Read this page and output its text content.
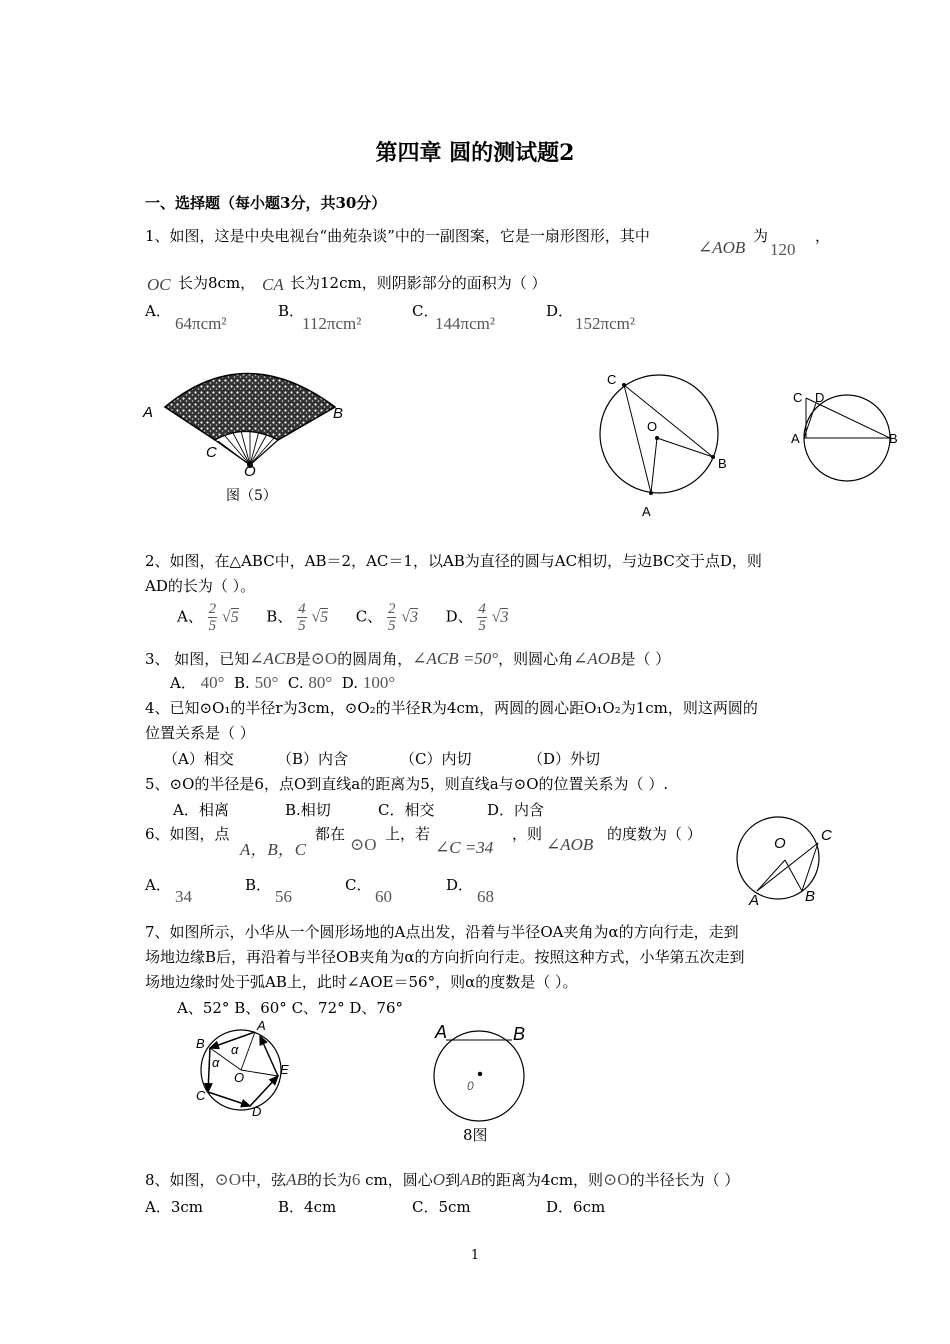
第四章 圆的测试题2
一、选择题（每小题3分，共30分）
1、如图，这是中央电视台“曲苑杂谈”中的一副图案，它是一扇形图形，其中
∠AOB
为
120
，
OC 长为8cm， CA 长为12cm，则阴影部分的面积为（ ）
A．
64πcm²
B．
112πcm²
C．
144πcm²
D．
152πcm²
A	B
C
O
图（5）
C
O
B
A
C D
A	B
2、如图，在△ABC中，AB＝2，AC＝1，以AB为直径的圆与AC相切，与边BC交于点D，则
AD的长为（ ）。
A、 $\frac{2}{5} √5$ B、 $\frac{4}{5} √5$ C、 $\frac{2}{5} √3$ D、 $\frac{4}{5} √3$
3、 如图，已知∠ACB是⊙O的圆周角，∠ACB =50°，则圆心角∠AOB是（ ）
A． 40° B. 50° C. 80° D. 100°
4、已知⊙O₁的半径r为3cm，⊙O₂的半径R为4cm，两圆的圆心距O₁O₂为1cm，则这两圆的
位置关系是（ ）
（A）相交	（B）内含	（C）内切	（D）外切
5、⊙O的半径是6，点O到直线a的距离为5，则直线a与⊙O的位置关系为（ ）.
A．相离	B.相切	C．相交	D．内含
6、如图，点
A，B，C
都在
⊙O
上，若
∠C =34
，则
∠AOB
的度数为（ ）
A．
34
B．
56
C．
60
D．
68
O C
A	B
7、如图所示，小华从一个圆形场地的A点出发，沿着与半径OA夹角为α的方向行走，走到
场地边缘B后，再沿着与半径OB夹角为α的方向折向行走。按照这种方式，小华第五次走到
场地边缘时处于弧AB上，此时∠AOE＝56°，则α的度数是（ ）。
A、52° B、60° C、72° D、76°
A
B α
α
O
C
D
E
A	B
0
8图
8、如图，⊙O中，弦AB的长为6 cm，圆心O到AB的距离为4cm，则⊙O的半径长为（ ）
A．3cm	B．4cm	C．5cm	D．6cm
1
